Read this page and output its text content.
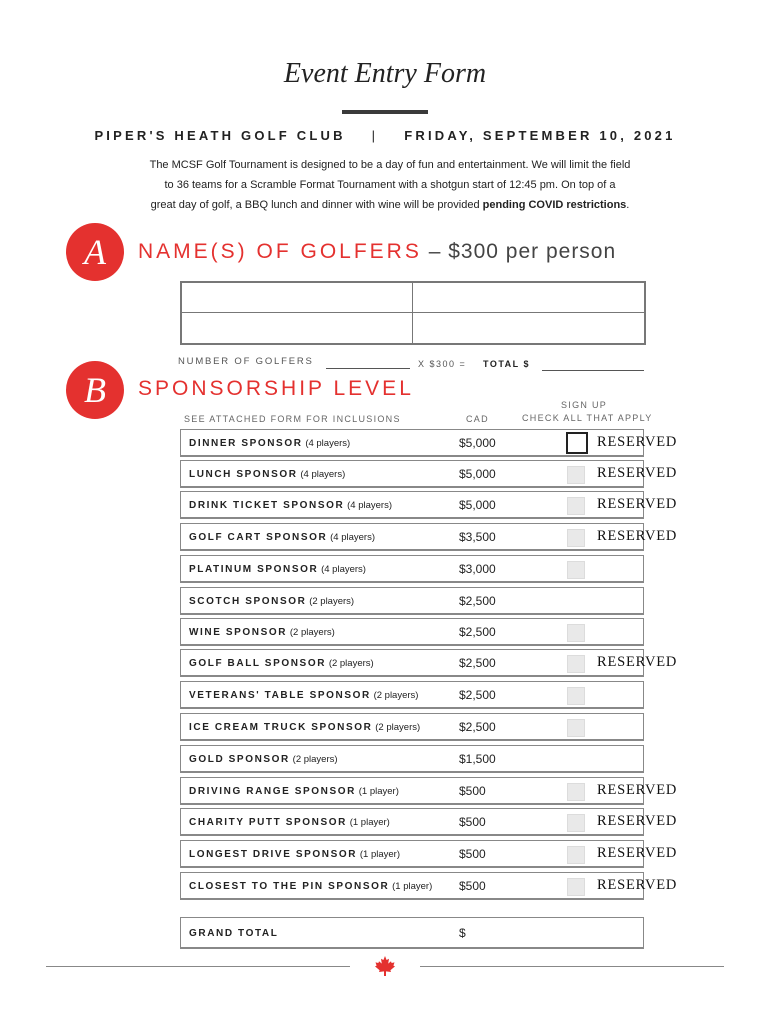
Event Entry Form
PIPER'S HEATH GOLF CLUB | FRIDAY, SEPTEMBER 10, 2021
The MCSF Golf Tournament is designed to be a day of fun and entertainment. We will limit the field
to 36 teams for a Scramble Format Tournament with a shotgun start of 12:45 pm. On top of a
great day of golf, a BBQ lunch and dinner with wine will be provided pending COVID restrictions.
A	NAME(S) OF GOLFERS – $300 per person
NUMBER OF GOLFERS	X $300 = TOTAL $
B	SPONSORSHIP LEVEL
SEE ATTACHED FORM FOR INCLUSIONS	CAD
SIGN UP
CHECK ALL THAT APPLY
DINNER SPONSOR (4 players)	$5,000	RESERVED
LUNCH SPONSOR (4 players)	$5,000	RESERVED
DRINK TICKET SPONSOR (4 players)	$5,000	RESERVED
GOLF CART SPONSOR (4 players)	$3,500	RESERVED
PLATINUM SPONSOR (4 players)	$3,000
SCOTCH SPONSOR (2 players)	$2,500
WINE SPONSOR (2 players)	$2,500
GOLF BALL SPONSOR (2 players)	$2,500	RESERVED
VETERANS' TABLE SPONSOR (2 players)	$2,500
ICE CREAM TRUCK SPONSOR (2 players)	$2,500
GOLD SPONSOR (2 players)	$1,500
DRIVING RANGE SPONSOR (1 player)	$500	RESERVED
CHARITY PUTT SPONSOR (1 player)	$500	RESERVED
LONGEST DRIVE SPONSOR (1 player)	$500	RESERVED
CLOSEST TO THE PIN SPONSOR (1 player) $500	RESERVED
GRAND TOTAL	$
